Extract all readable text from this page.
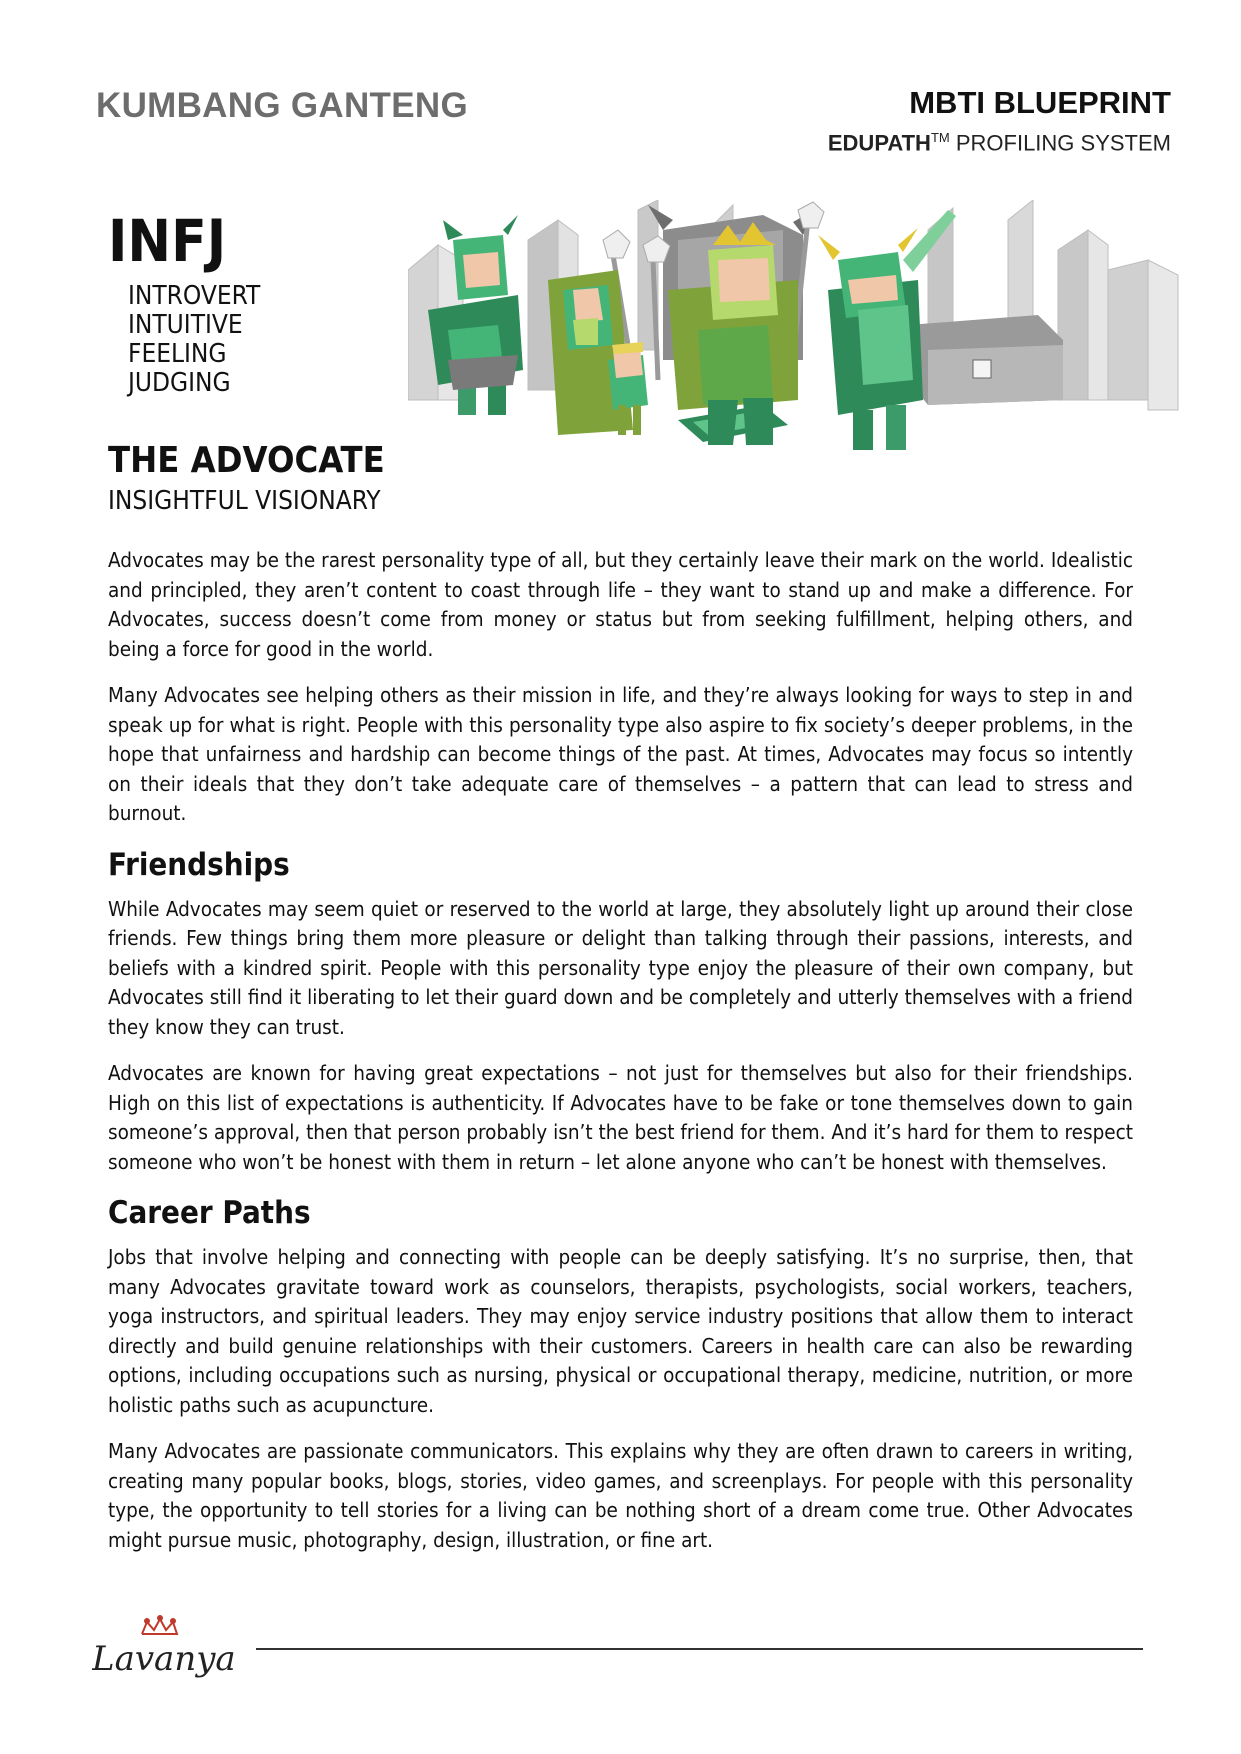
KUMBANG GANTENG	MBTI BLUEPRINT
EDUPATH™ PROFILING SYSTEM
INFJ
INTROVERT
INTUITIVE
FEELING
JUDGING
THE ADVOCATE
INSIGHTFUL VISIONARY

Advocates may be the rarest personality type of all, but they certainly leave their mark on the world. Idealistic and principled, they aren’t content to coast through life – they want to stand up and make a difference. For Advocates, success doesn’t come from money or status but from seeking fulfillment, helping others, and being a force for good in the world.

Many Advocates see helping others as their mission in life, and they’re always looking for ways to step in and speak up for what is right. People with this personality type also aspire to fix society’s deeper problems, in the hope that unfairness and hardship can become things of the past. At times, Advocates may focus so intently on their ideals that they don’t take adequate care of themselves – a pattern that can lead to stress and burnout.

Friendships

While Advocates may seem quiet or reserved to the world at large, they absolutely light up around their close friends. Few things bring them more pleasure or delight than talking through their passions, interests, and beliefs with a kindred spirit. People with this personality type enjoy the pleasure of their own company, but Advocates still find it liberating to let their guard down and be completely and utterly themselves with a friend they know they can trust.

Advocates are known for having great expectations – not just for themselves but also for their friendships. High on this list of expectations is authenticity. If Advocates have to be fake or tone themselves down to gain someone’s approval, then that person probably isn’t the best friend for them. And it’s hard for them to respect someone who won’t be honest with them in return – let alone anyone who can’t be honest with themselves.

Career Paths

Jobs that involve helping and connecting with people can be deeply satisfying. It’s no surprise, then, that many Advocates gravitate toward work as counselors, therapists, psychologists, social workers, teachers, yoga instructors, and spiritual leaders. They may enjoy service industry positions that allow them to interact directly and build genuine relationships with their customers. Careers in health care can also be rewarding options, including occupations such as nursing, physical or occupational therapy, medicine, nutrition, or more holistic paths such as acupuncture.

Many Advocates are passionate communicators. This explains why they are often drawn to careers in writing, creating many popular books, blogs, stories, video games, and screenplays. For people with this personality type, the opportunity to tell stories for a living can be nothing short of a dream come true. Other Advocates might pursue music, photography, design, illustration, or fine art.

Lavanya
